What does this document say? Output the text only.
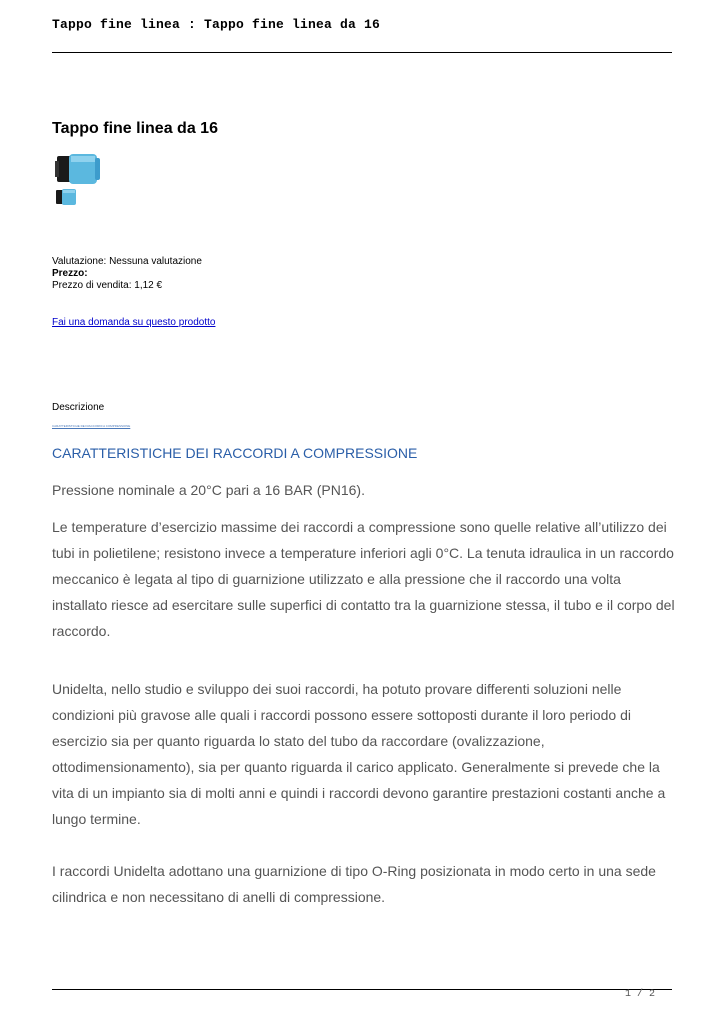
Tappo fine linea : Tappo fine linea da 16
Tappo fine linea da 16
Valutazione: Nessuna valutazione
Prezzo:
Prezzo di vendita: 1,12 €
Fai una domanda su questo prodotto
Descrizione
CARATTERISTICHE DEI RACCORDI A COMPRESSIONE
CARATTERISTICHE DEI RACCORDI A COMPRESSIONE

Pressione nominale a 20°C pari a 16 BAR (PN16).

Le temperature d’esercizio massime dei raccordi a compressione sono quelle relative all’utilizzo dei tubi in polietilene; resistono invece a temperature inferiori agli 0°C. La tenuta idraulica in un raccordo meccanico è legata al tipo di guarnizione utilizzato e alla pressione che il raccordo una volta installato riesce ad esercitare sulle superfici di contatto tra la guarnizione stessa, il tubo e il corpo del raccordo.

Unidelta, nello studio e sviluppo dei suoi raccordi, ha potuto provare differenti soluzioni nelle condizioni più gravose alle quali i raccordi possono essere sottoposti durante il loro periodo di esercizio sia per quanto riguarda lo stato del tubo da raccordare (ovalizzazione, ottodimensionamento), sia per quanto riguarda il carico applicato. Generalmente si prevede che la vita di un impianto sia di molti anni e quindi i raccordi devono garantire prestazioni costanti anche a lungo termine.

I raccordi Unidelta adottano una guarnizione di tipo O-Ring posizionata in modo certo in una sede cilindrica e non necessitano di anelli di compressione.

1 / 2
